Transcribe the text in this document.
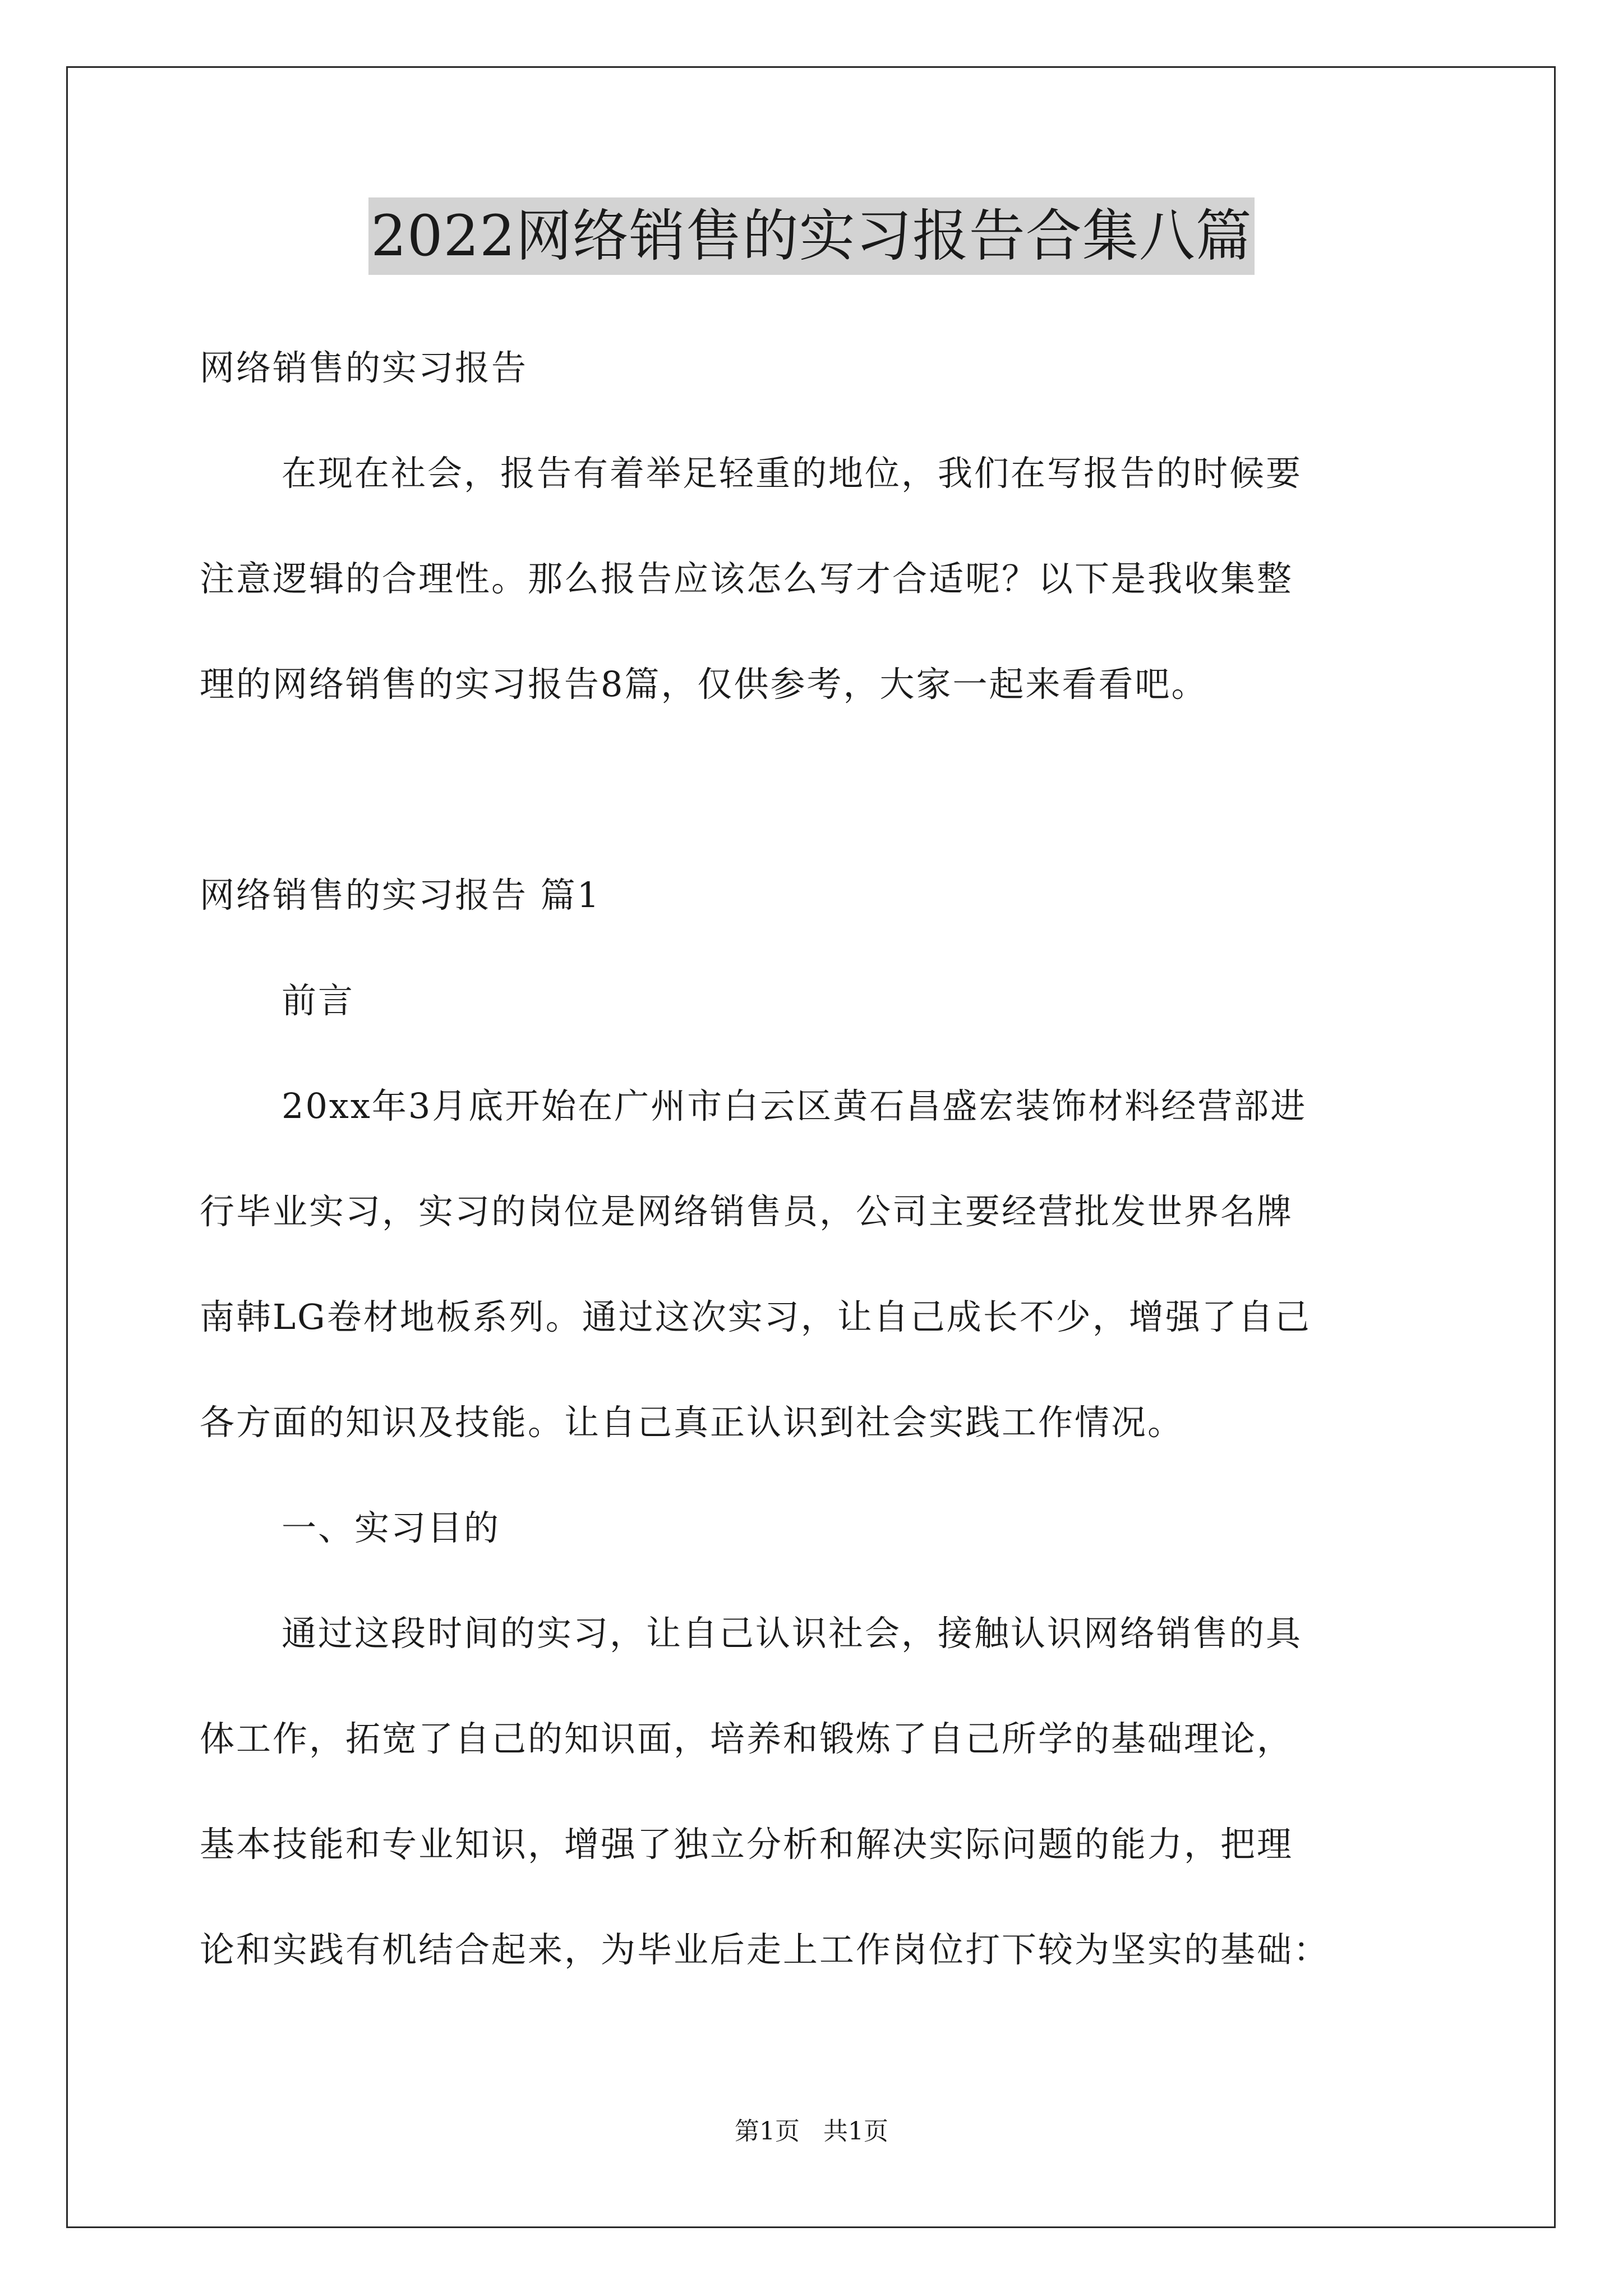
2022网络销售的实习报告合集八篇

网络销售的实习报告

在现在社会，报告有着举足轻重的地位，我们在写报告的时候要

注意逻辑的合理性。那么报告应该怎么写才合适呢？以下是我收集整

理的网络销售的实习报告8篇，仅供参考，大家一起来看看吧。

网络销售的实习报告 篇1

前言

20xx年3月底开始在广州市白云区黄石昌盛宏装饰材料经营部进

行毕业实习，实习的岗位是网络销售员，公司主要经营批发世界名牌

南韩LG卷材地板系列。通过这次实习，让自己成长不少，增强了自己

各方面的知识及技能。让自己真正认识到社会实践工作情况。

一、实习目的

通过这段时间的实习，让自己认识社会，接触认识网络销售的具

体工作，拓宽了自己的知识面，培养和锻炼了自己所学的基础理论，

基本技能和专业知识，增强了独立分析和解决实际问题的能力，把理

论和实践有机结合起来，为毕业后走上工作岗位打下较为坚实的基础：

第1页 共1页
